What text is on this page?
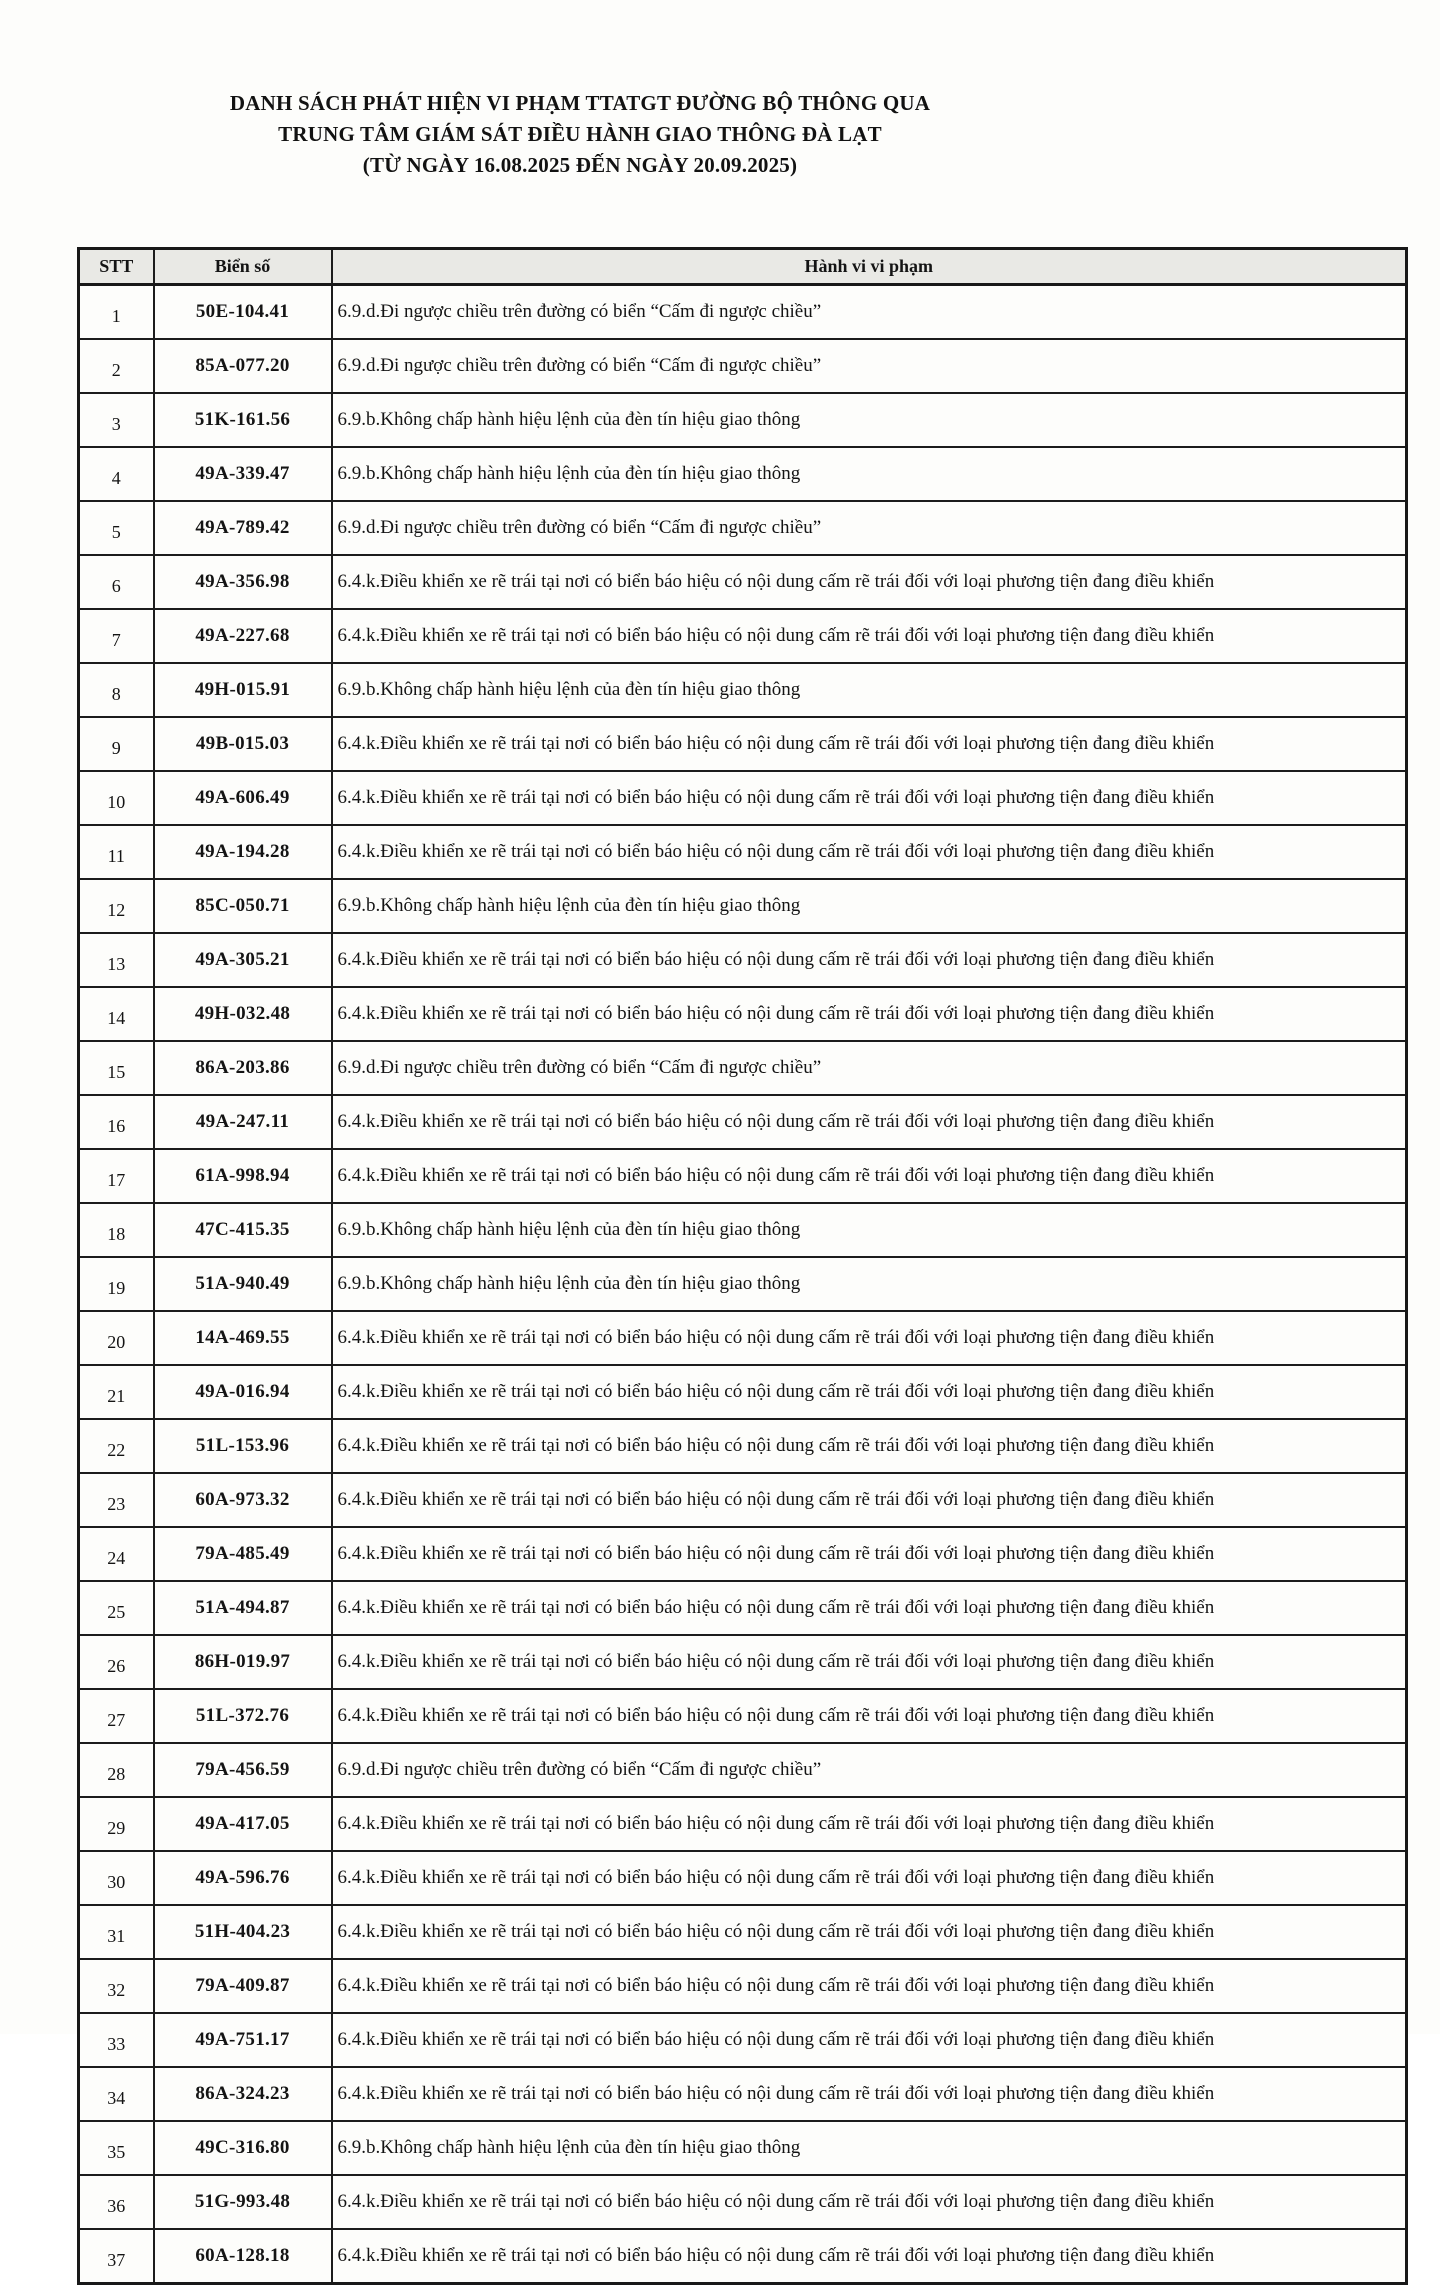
DANH SÁCH PHÁT HIỆN VI PHẠM TTATGT ĐƯỜNG BỘ THÔNG QUA
TRUNG TÂM GIÁM SÁT ĐIỀU HÀNH GIAO THÔNG ĐÀ LẠT
(TỪ NGÀY 16.08.2025 ĐẾN NGÀY 20.09.2025)
STT	Biển số	Hành vi vi phạm
1	50E-104.41	6.9.d.Đi ngược chiều trên đường có biển “Cấm đi ngược chiều”
2	85A-077.20	6.9.d.Đi ngược chiều trên đường có biển “Cấm đi ngược chiều”
3	51K-161.56	6.9.b.Không chấp hành hiệu lệnh của đèn tín hiệu giao thông
4	49A-339.47	6.9.b.Không chấp hành hiệu lệnh của đèn tín hiệu giao thông
5	49A-789.42	6.9.d.Đi ngược chiều trên đường có biển “Cấm đi ngược chiều”
6	49A-356.98	6.4.k.Điều khiển xe rẽ trái tại nơi có biển báo hiệu có nội dung cấm rẽ trái đối với loại phương tiện đang điều khiển
7	49A-227.68	6.4.k.Điều khiển xe rẽ trái tại nơi có biển báo hiệu có nội dung cấm rẽ trái đối với loại phương tiện đang điều khiển
8	49H-015.91	6.9.b.Không chấp hành hiệu lệnh của đèn tín hiệu giao thông
9	49B-015.03	6.4.k.Điều khiển xe rẽ trái tại nơi có biển báo hiệu có nội dung cấm rẽ trái đối với loại phương tiện đang điều khiển
10	49A-606.49	6.4.k.Điều khiển xe rẽ trái tại nơi có biển báo hiệu có nội dung cấm rẽ trái đối với loại phương tiện đang điều khiển
11	49A-194.28	6.4.k.Điều khiển xe rẽ trái tại nơi có biển báo hiệu có nội dung cấm rẽ trái đối với loại phương tiện đang điều khiển
12	85C-050.71	6.9.b.Không chấp hành hiệu lệnh của đèn tín hiệu giao thông
13	49A-305.21	6.4.k.Điều khiển xe rẽ trái tại nơi có biển báo hiệu có nội dung cấm rẽ trái đối với loại phương tiện đang điều khiển
14	49H-032.48	6.4.k.Điều khiển xe rẽ trái tại nơi có biển báo hiệu có nội dung cấm rẽ trái đối với loại phương tiện đang điều khiển
15	86A-203.86	6.9.d.Đi ngược chiều trên đường có biển “Cấm đi ngược chiều”
16	49A-247.11	6.4.k.Điều khiển xe rẽ trái tại nơi có biển báo hiệu có nội dung cấm rẽ trái đối với loại phương tiện đang điều khiển
17	61A-998.94	6.4.k.Điều khiển xe rẽ trái tại nơi có biển báo hiệu có nội dung cấm rẽ trái đối với loại phương tiện đang điều khiển
18	47C-415.35	6.9.b.Không chấp hành hiệu lệnh của đèn tín hiệu giao thông
19	51A-940.49	6.9.b.Không chấp hành hiệu lệnh của đèn tín hiệu giao thông
20	14A-469.55	6.4.k.Điều khiển xe rẽ trái tại nơi có biển báo hiệu có nội dung cấm rẽ trái đối với loại phương tiện đang điều khiển
21	49A-016.94	6.4.k.Điều khiển xe rẽ trái tại nơi có biển báo hiệu có nội dung cấm rẽ trái đối với loại phương tiện đang điều khiển
22	51L-153.96	6.4.k.Điều khiển xe rẽ trái tại nơi có biển báo hiệu có nội dung cấm rẽ trái đối với loại phương tiện đang điều khiển
23	60A-973.32	6.4.k.Điều khiển xe rẽ trái tại nơi có biển báo hiệu có nội dung cấm rẽ trái đối với loại phương tiện đang điều khiển
24	79A-485.49	6.4.k.Điều khiển xe rẽ trái tại nơi có biển báo hiệu có nội dung cấm rẽ trái đối với loại phương tiện đang điều khiển
25	51A-494.87	6.4.k.Điều khiển xe rẽ trái tại nơi có biển báo hiệu có nội dung cấm rẽ trái đối với loại phương tiện đang điều khiển
26	86H-019.97	6.4.k.Điều khiển xe rẽ trái tại nơi có biển báo hiệu có nội dung cấm rẽ trái đối với loại phương tiện đang điều khiển
27	51L-372.76	6.4.k.Điều khiển xe rẽ trái tại nơi có biển báo hiệu có nội dung cấm rẽ trái đối với loại phương tiện đang điều khiển
28	79A-456.59	6.9.d.Đi ngược chiều trên đường có biển “Cấm đi ngược chiều”
29	49A-417.05	6.4.k.Điều khiển xe rẽ trái tại nơi có biển báo hiệu có nội dung cấm rẽ trái đối với loại phương tiện đang điều khiển
30	49A-596.76	6.4.k.Điều khiển xe rẽ trái tại nơi có biển báo hiệu có nội dung cấm rẽ trái đối với loại phương tiện đang điều khiển
31	51H-404.23	6.4.k.Điều khiển xe rẽ trái tại nơi có biển báo hiệu có nội dung cấm rẽ trái đối với loại phương tiện đang điều khiển
32	79A-409.87	6.4.k.Điều khiển xe rẽ trái tại nơi có biển báo hiệu có nội dung cấm rẽ trái đối với loại phương tiện đang điều khiển
33	49A-751.17	6.4.k.Điều khiển xe rẽ trái tại nơi có biển báo hiệu có nội dung cấm rẽ trái đối với loại phương tiện đang điều khiển
34	86A-324.23	6.4.k.Điều khiển xe rẽ trái tại nơi có biển báo hiệu có nội dung cấm rẽ trái đối với loại phương tiện đang điều khiển
35	49C-316.80	6.9.b.Không chấp hành hiệu lệnh của đèn tín hiệu giao thông
36	51G-993.48	6.4.k.Điều khiển xe rẽ trái tại nơi có biển báo hiệu có nội dung cấm rẽ trái đối với loại phương tiện đang điều khiển
37	60A-128.18	6.4.k.Điều khiển xe rẽ trái tại nơi có biển báo hiệu có nội dung cấm rẽ trái đối với loại phương tiện đang điều khiển
